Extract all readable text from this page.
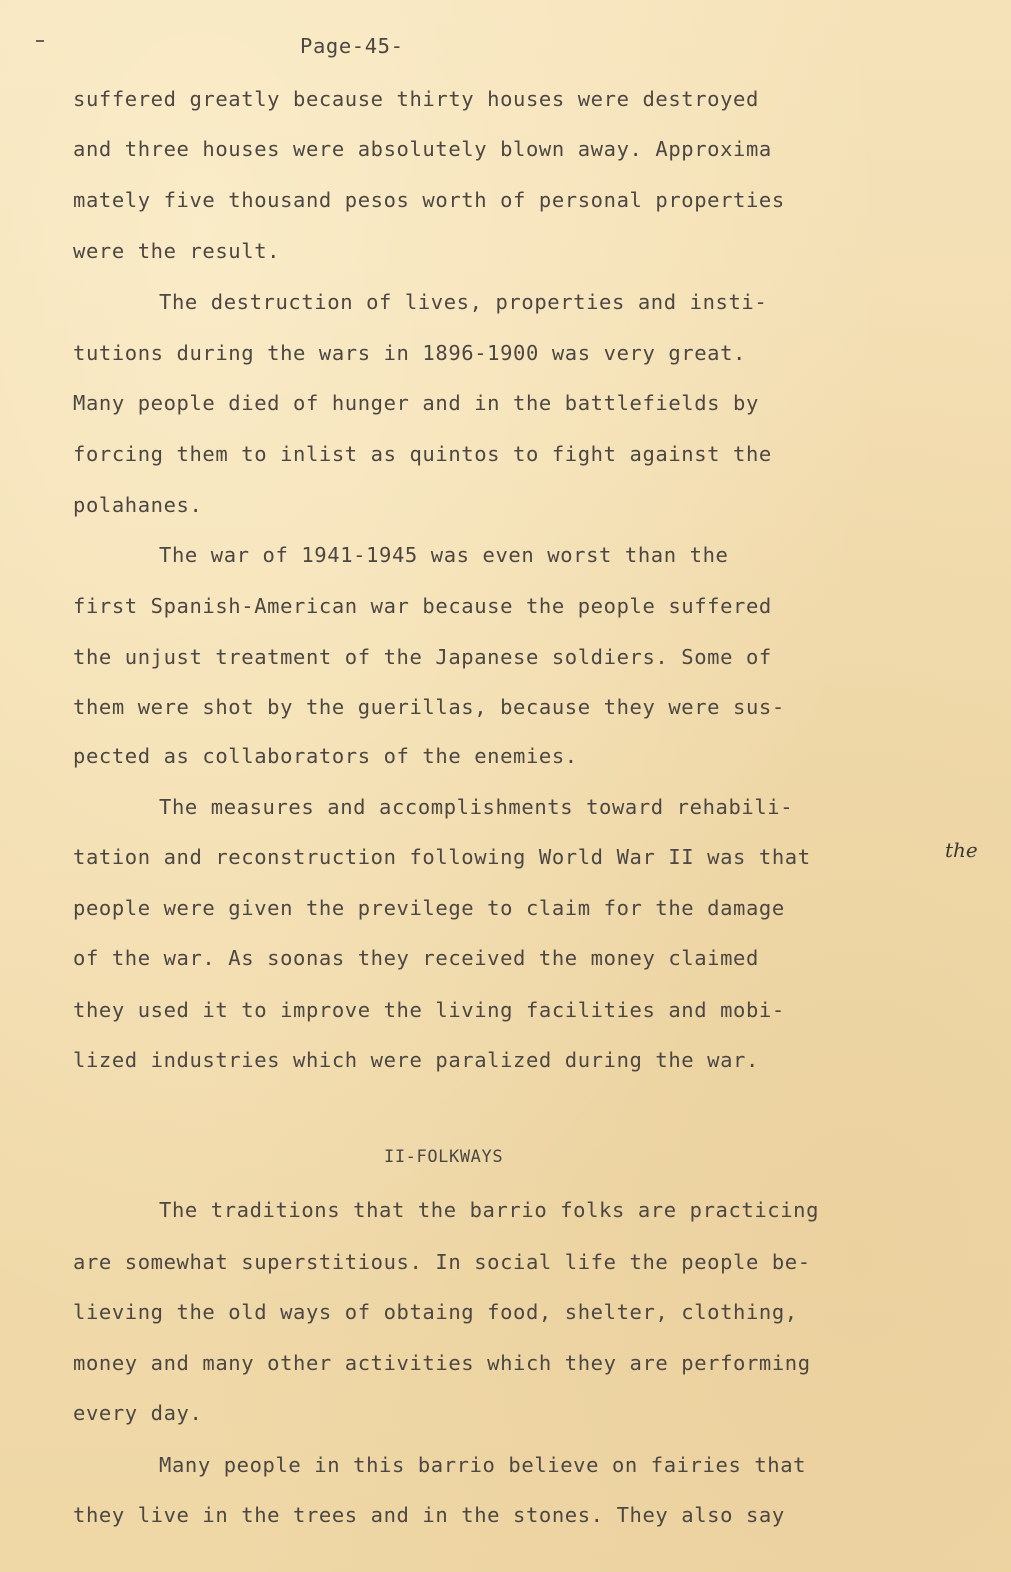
Page-45-

suffered greatly because thirty houses were destroyed

and three houses were absolutely blown away. Approxima

mately five thousand pesos worth of personal properties

were the result.

The destruction of lives, properties and insti-

tutions during the wars in 1896-1900 was very great.

Many people died of hunger and in the battlefields by

forcing them to inlist as quintos to fight against the

polahanes.

The war of 1941-1945 was even worst than the

first Spanish-American war because the people suffered

the unjust treatment of the Japanese soldiers. Some of

them were shot by the guerillas, because they were sus-

pected as collaborators of the enemies.

The measures and accomplishments toward rehabili-

tation and reconstruction following World War II was that

people were given the previlege to claim for the damage

of the war. As soonas they received the money claimed

they used it to improve the living facilities and mobi-

lized industries which were paralized during the war.

II-FOLKWAYS

The traditions that the barrio folks are practicing

are somewhat superstitious. In social life the people be-

lieving the old ways of obtaing food, shelter, clothing,

money and many other activities which they are performing

every day.

Many people in this barrio believe on fairies that

they live in the trees and in the stones. They also say

the
